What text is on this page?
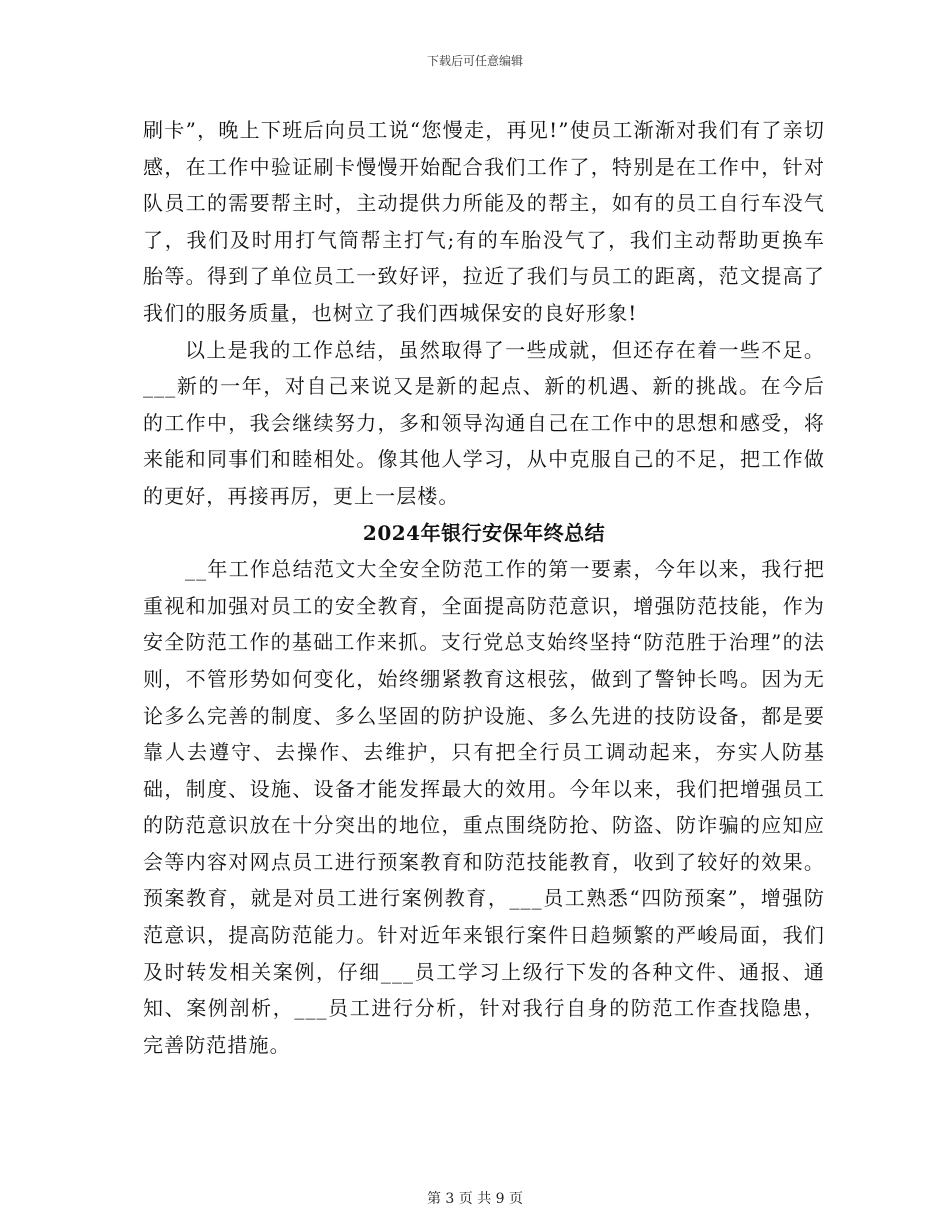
下载后可任意编辑

刷卡”，晚上下班后向员工说“您慢走，再见!”使员工渐渐对我们有了亲切感，在工作中验证刷卡慢慢开始配合我们工作了，特别是在工作中，针对队员工的需要帮主时，主动提供力所能及的帮主，如有的员工自行车没气了，我们及时用打气筒帮主打气;有的车胎没气了，我们主动帮助更换车胎等。得到了单位员工一致好评，拉近了我们与员工的距离，范文提高了我们的服务质量，也树立了我们西城保安的良好形象!

以上是我的工作总结，虽然取得了一些成就，但还存在着一些不足。___新的一年，对自己来说又是新的起点、新的机遇、新的挑战。在今后的工作中，我会继续努力，多和领导沟通自己在工作中的思想和感受，将来能和同事们和睦相处。像其他人学习，从中克服自己的不足，把工作做的更好，再接再厉，更上一层楼。

2024年银行安保年终总结

__年工作总结范文大全安全防范工作的第一要素，今年以来，我行把重视和加强对员工的安全教育，全面提高防范意识，增强防范技能，作为安全防范工作的基础工作来抓。支行党总支始终坚持“防范胜于治理”的法则，不管形势如何变化，始终绷紧教育这根弦，做到了警钟长鸣。因为无论多么完善的制度、多么坚固的防护设施、多么先进的技防设备，都是要靠人去遵守、去操作、去维护，只有把全行员工调动起来，夯实人防基础，制度、设施、设备才能发挥最大的效用。今年以来，我们把增强员工的防范意识放在十分突出的地位，重点围绕防抢、防盗、防诈骗的应知应会等内容对网点员工进行预案教育和防范技能教育，收到了较好的效果。预案教育，就是对员工进行案例教育，___员工熟悉“四防预案”，增强防范意识，提高防范能力。针对近年来银行案件日趋频繁的严峻局面，我们及时转发相关案例，仔细___员工学习上级行下发的各种文件、通报、通知、案例剖析，___员工进行分析，针对我行自身的防范工作查找隐患，完善防范措施。

第 3 页 共 9 页
